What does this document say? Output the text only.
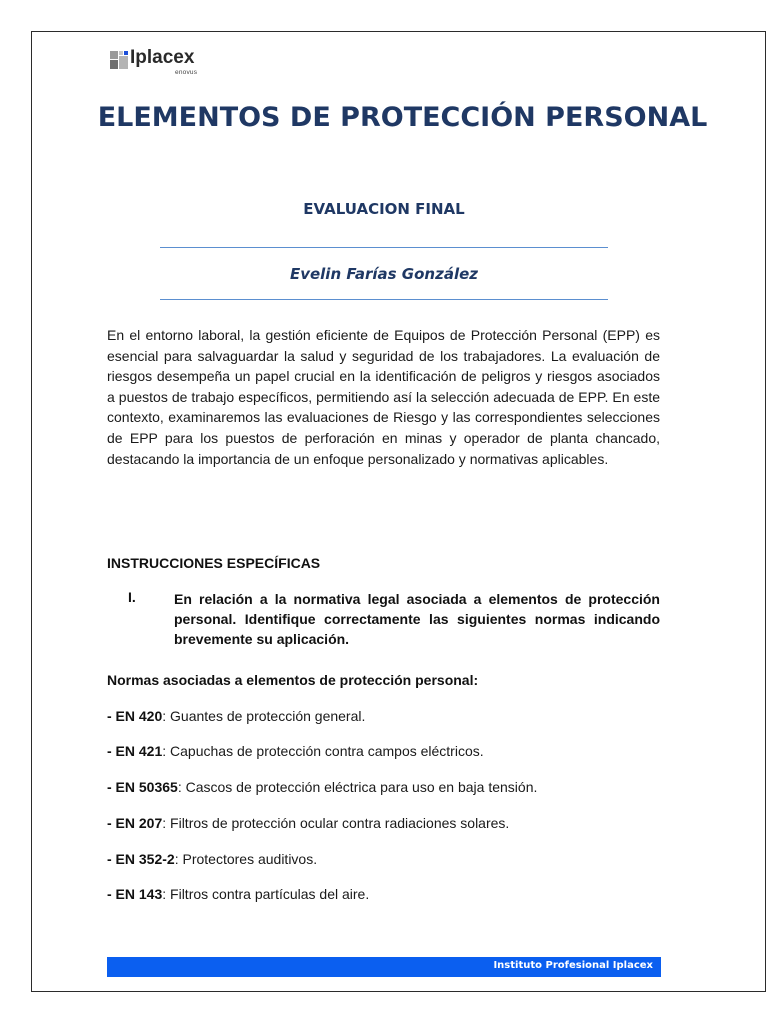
Iplacex
enovus
ELEMENTOS DE PROTECCIÓN PERSONAL
EVALUACION FINAL
Evelin Farías González

En el entorno laboral, la gestión eficiente de Equipos de Protección Personal (EPP) es esencial para salvaguardar la salud y seguridad de los trabajadores. La evaluación de riesgos desempeña un papel crucial en la identificación de peligros y riesgos asociados a puestos de trabajo específicos, permitiendo así la selección adecuada de EPP. En este contexto, examinaremos las evaluaciones de Riesgo y las correspondientes selecciones de EPP para los puestos de perforación en minas y operador de planta chancado, destacando la importancia de un enfoque personalizado y normativas aplicables.

INSTRUCCIONES ESPECÍFICAS

I.	En relación a la normativa legal asociada a elementos de protección personal. Identifique correctamente las siguientes normas indicando brevemente su aplicación.

Normas asociadas a elementos de protección personal:

- EN 420: Guantes de protección general.

- EN 421: Capuchas de protección contra campos eléctricos.

- EN 50365: Cascos de protección eléctrica para uso en baja tensión.

- EN 207: Filtros de protección ocular contra radiaciones solares.

- EN 352-2: Protectores auditivos.

- EN 143: Filtros contra partículas del aire.

Instituto Profesional Iplacex
